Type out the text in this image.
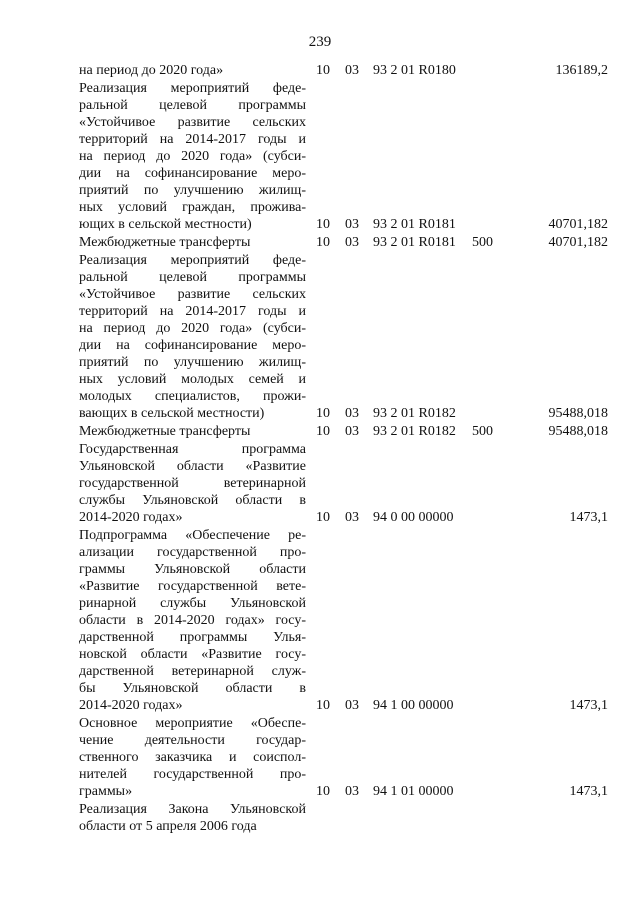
239
на период до 2020 года»	10 03 93 2 01 R0180	136189,2
Реализация мероприятий феде-
ральной целевой программы
«Устойчивое развитие сельских
территорий на 2014-2017 годы и
на период до 2020 года» (субси-
дии на софинансирование меро-
приятий по улучшению жилищ-
ных условий граждан, прожива-
ющих в сельской местности)	10 03 93 2 01 R0181	40701,182
Межбюджетные трансферты	10 03 93 2 01 R0181 500	40701,182
Реализация мероприятий феде-
ральной целевой программы
«Устойчивое развитие сельских
территорий на 2014-2017 годы и
на период до 2020 года» (субси-
дии на софинансирование меро-
приятий по улучшению жилищ-
ных условий молодых семей и
молодых специалистов, прожи-
вающих в сельской местности)	10 03 93 2 01 R0182	95488,018
Межбюджетные трансферты	10 03 93 2 01 R0182 500	95488,018
Государственная программа
Ульяновской области «Развитие
государственной ветеринарной
службы Ульяновской области в
2014-2020 годах»	10 03 94 0 00 00000	1473,1
Подпрограмма «Обеспечение ре-
ализации государственной про-
граммы Ульяновской области
«Развитие государственной вете-
ринарной службы Ульяновской
области в 2014-2020 годах» госу-
дарственной программы Улья-
новской области «Развитие госу-
дарственной ветеринарной служ-
бы Ульяновской области в
2014-2020 годах»	10 03 94 1 00 00000	1473,1
Основное мероприятие «Обеспе-
чение деятельности государ-
ственного заказчика и соиспол-
нителей государственной про-
граммы»	10 03 94 1 01 00000	1473,1
Реализация Закона Ульяновской
области от 5 апреля 2006 года
